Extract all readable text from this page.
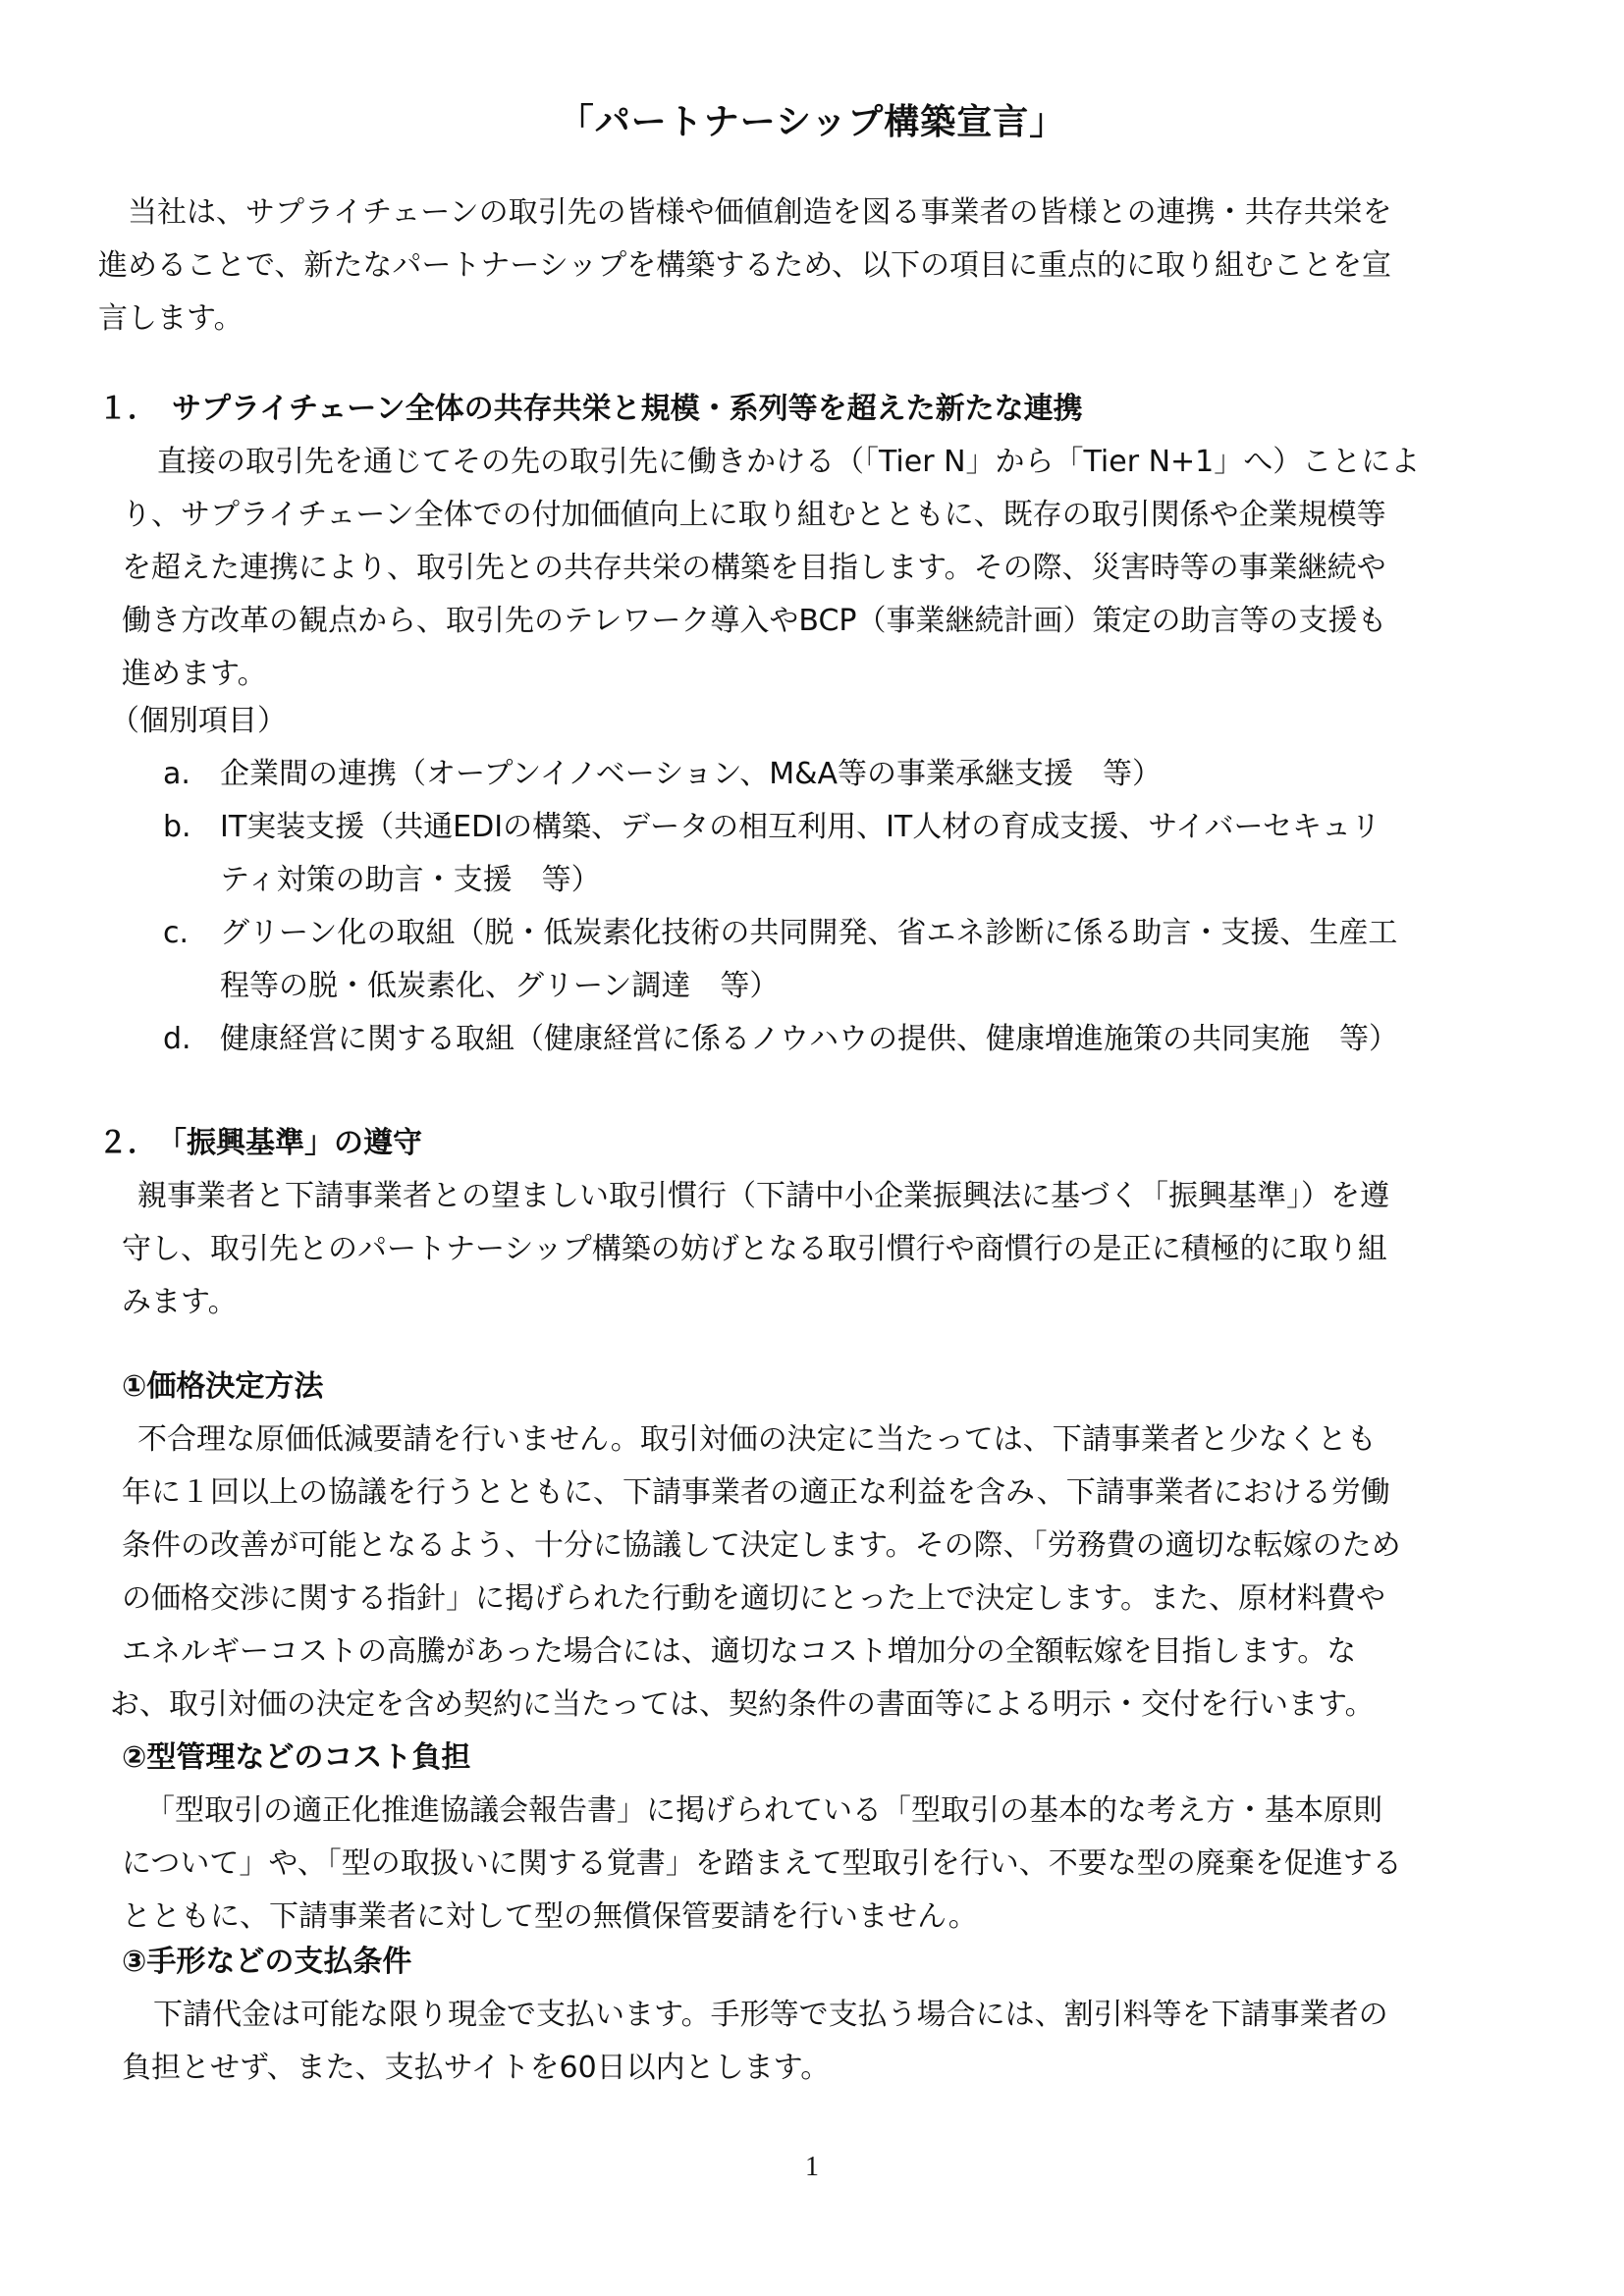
「パートナーシップ構築宣言」
当社は、サプライチェーンの取引先の皆様や価値創造を図る事業者の皆様との連携・共存共栄を
進めることで、新たなパートナーシップを構築するため、以下の項目に重点的に取り組むことを宣
言します。
１．　サプライチェーン全体の共存共栄と規模・系列等を超えた新たな連携
直接の取引先を通じてその先の取引先に働きかける（「Tier N」から「Tier N+1」へ）ことによ
り、サプライチェーン全体での付加価値向上に取り組むとともに、既存の取引関係や企業規模等
を超えた連携により、取引先との共存共栄の構築を目指します。その際、災害時等の事業継続や
働き方改革の観点から、取引先のテレワーク導入やBCP（事業継続計画）策定の助言等の支援も
進めます。
（個別項目）
a. 企業間の連携（オープンイノベーション、M&A等の事業承継支援　等）
b. IT実装支援（共通EDIの構築、データの相互利用、IT人材の育成支援、サイバーセキュリ
ティ対策の助言・支援　等）
c. グリーン化の取組（脱・低炭素化技術の共同開発、省エネ診断に係る助言・支援、生産工
程等の脱・低炭素化、グリーン調達　等）
d. 健康経営に関する取組（健康経営に係るノウハウの提供、健康増進施策の共同実施　等）
２．　「振興基準」の遵守
親事業者と下請事業者との望ましい取引慣行（下請中小企業振興法に基づく「振興基準」）を遵
守し、取引先とのパートナーシップ構築の妨げとなる取引慣行や商慣行の是正に積極的に取り組
みます。
①価格決定方法
不合理な原価低減要請を行いません。取引対価の決定に当たっては、下請事業者と少なくとも
年に１回以上の協議を行うとともに、下請事業者の適正な利益を含み、下請事業者における労働
条件の改善が可能となるよう、十分に協議して決定します。その際、「労務費の適切な転嫁のため
の価格交渉に関する指針」に掲げられた行動を適切にとった上で決定します。また、原材料費や
エネルギーコストの高騰があった場合には、適切なコスト増加分の全額転嫁を目指します。な
お、取引対価の決定を含め契約に当たっては、契約条件の書面等による明示・交付を行います。
②型管理などのコスト負担
「型取引の適正化推進協議会報告書」に掲げられている「型取引の基本的な考え方・基本原則
について」や、「型の取扱いに関する覚書」を踏まえて型取引を行い、不要な型の廃棄を促進する
とともに、下請事業者に対して型の無償保管要請を行いません。
③手形などの支払条件
下請代金は可能な限り現金で支払います。手形等で支払う場合には、割引料等を下請事業者の
負担とせず、また、支払サイトを60日以内とします。
1
